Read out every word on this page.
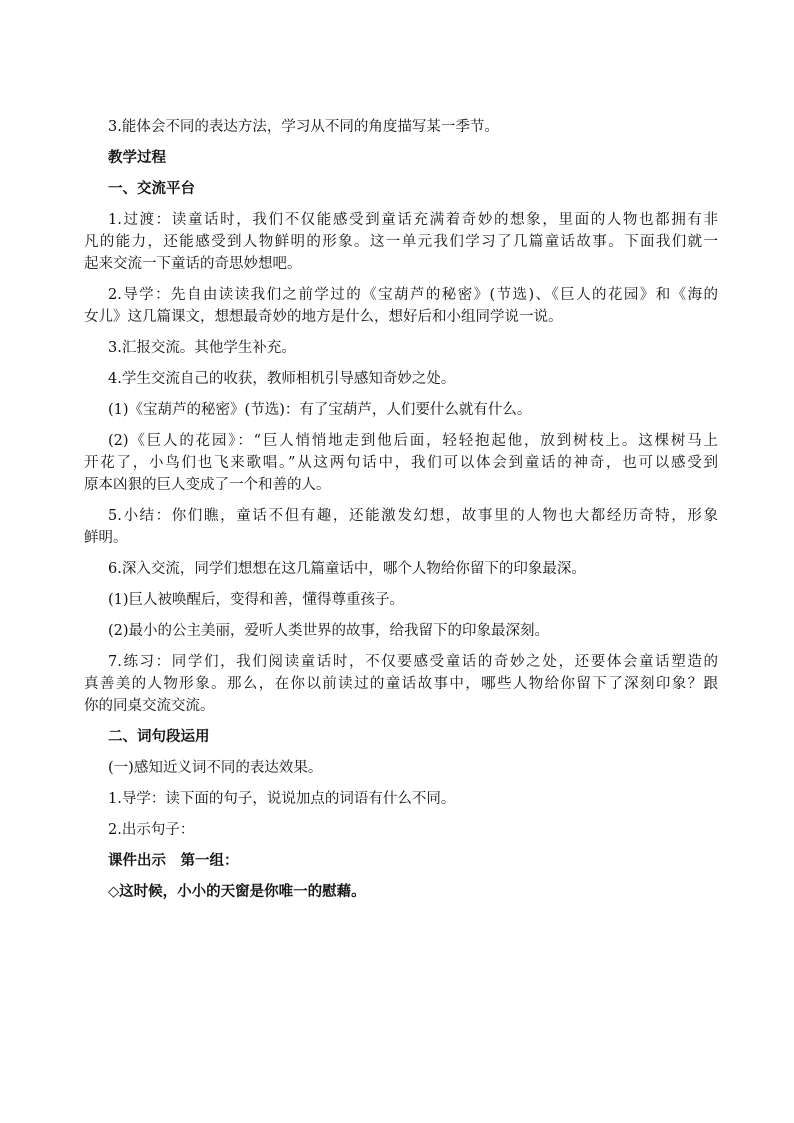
3.能体会不同的表达方法，学习从不同的角度描写某一季节。

教学过程

一、交流平台

1.过渡：读童话时，我们不仅能感受到童话充满着奇妙的想象，里面的人物也都拥有非

凡的能力，还能感受到人物鲜明的形象。这一单元我们学习了几篇童话故事。下面我们就一

起来交流一下童话的奇思妙想吧。

2.导学：先自由读读我们之前学过的《宝葫芦的秘密》(节选)、《巨人的花园》和《海的

女儿》这几篇课文，想想最奇妙的地方是什么，想好后和小组同学说一说。

3.汇报交流。其他学生补充。

4.学生交流自己的收获，教师相机引导感知奇妙之处。

(1)《宝葫芦的秘密》(节选)：有了宝葫芦，人们要什么就有什么。

(2)《巨人的花园》：“巨人悄悄地走到他后面，轻轻抱起他，放到树枝上。这棵树马上

开花了，小鸟们也飞来歌唱。”从这两句话中，我们可以体会到童话的神奇，也可以感受到

原本凶狠的巨人变成了一个和善的人。

5.小结：你们瞧，童话不但有趣，还能激发幻想，故事里的人物也大都经历奇特，形象

鲜明。

6.深入交流，同学们想想在这几篇童话中，哪个人物给你留下的印象最深。

(1)巨人被唤醒后，变得和善，懂得尊重孩子。

(2)最小的公主美丽，爱听人类世界的故事，给我留下的印象最深刻。

7.练习：同学们，我们阅读童话时，不仅要感受童话的奇妙之处，还要体会童话塑造的

真善美的人物形象。那么，在你以前读过的童话故事中，哪些人物给你留下了深刻印象？跟

你的同桌交流交流。

二、词句段运用

(一)感知近义词不同的表达效果。

1.导学：读下面的句子，说说加点的词语有什么不同。

2.出示句子：

课件出示　第一组：

◇这时候，小小的天窗是你唯一的慰藉。
